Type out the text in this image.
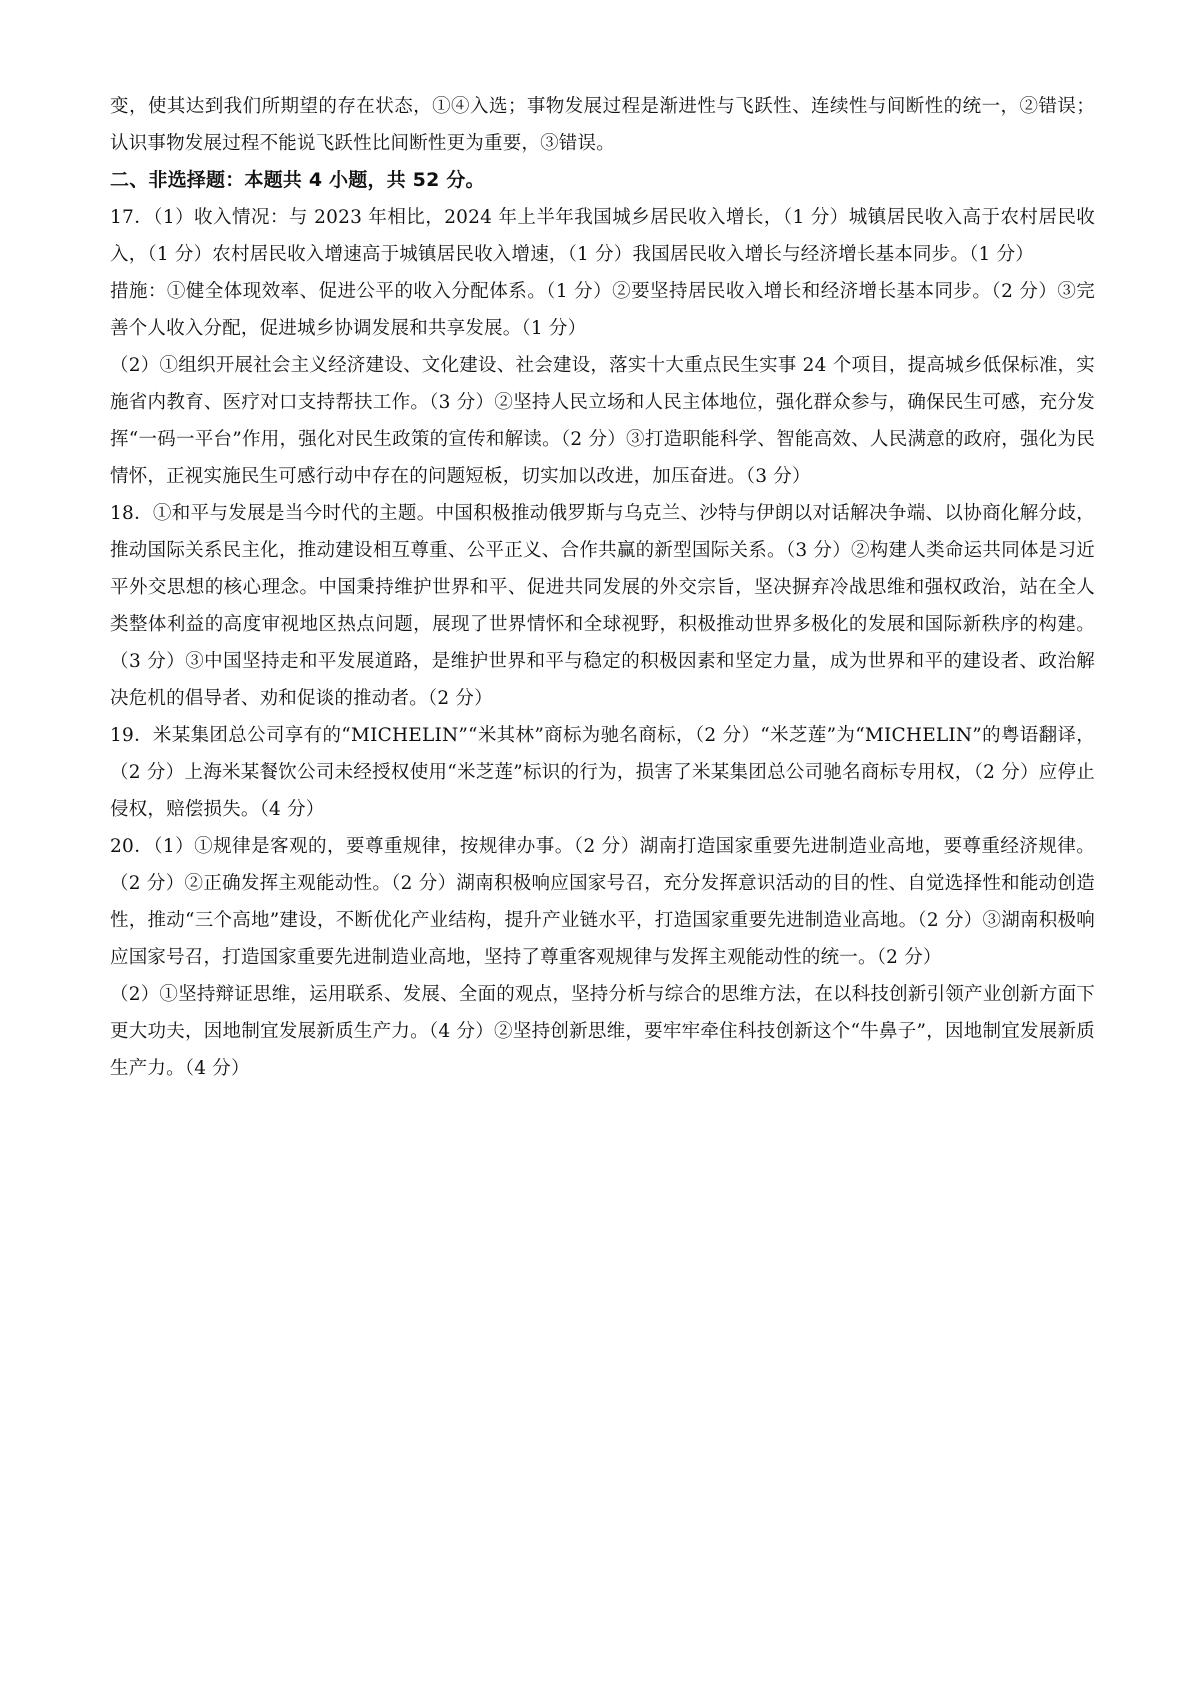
变，使其达到我们所期望的存在状态，①④入选；事物发展过程是渐进性与飞跃性、连续性与间断性的统一，②错误；认识事物发展过程不能说飞跃性比间断性更为重要，③错误。

二、非选择题：本题共 4 小题，共 52 分。

17．（1）收入情况：与 2023 年相比，2024 年上半年我国城乡居民收入增长，（1 分）城镇居民收入高于农村居民收入，（1 分）农村居民收入增速高于城镇居民收入增速，（1 分）我国居民收入增长与经济增长基本同步。（1 分）

措施：①健全体现效率、促进公平的收入分配体系。（1 分）②要坚持居民收入增长和经济增长基本同步。（2 分）③完善个人收入分配，促进城乡协调发展和共享发展。（1 分）

（2）①组织开展社会主义经济建设、文化建设、社会建设，落实十大重点民生实事 24 个项目，提高城乡低保标准，实施省内教育、医疗对口支持帮扶工作。（3 分）②坚持人民立场和人民主体地位，强化群众参与，确保民生可感，充分发挥“一码一平台”作用，强化对民生政策的宣传和解读。（2 分）③打造职能科学、智能高效、人民满意的政府，强化为民情怀，正视实施民生可感行动中存在的问题短板，切实加以改进，加压奋进。（3 分）

18．①和平与发展是当今时代的主题。中国积极推动俄罗斯与乌克兰、沙特与伊朗以对话解决争端、以协商化解分歧，推动国际关系民主化，推动建设相互尊重、公平正义、合作共赢的新型国际关系。（3 分）②构建人类命运共同体是习近平外交思想的核心理念。中国秉持维护世界和平、促进共同发展的外交宗旨，坚决摒弃冷战思维和强权政治，站在全人类整体利益的高度审视地区热点问题，展现了世界情怀和全球视野，积极推动世界多极化的发展和国际新秩序的构建。（3 分）③中国坚持走和平发展道路，是维护世界和平与稳定的积极因素和坚定力量，成为世界和平的建设者、政治解决危机的倡导者、劝和促谈的推动者。（2 分）

19．米某集团总公司享有的“MICHELIN”“米其林”商标为驰名商标，（2 分）“米芝莲”为“MICHELIN”的粤语翻译，（2 分）上海米某餐饮公司未经授权使用“米芝莲”标识的行为，损害了米某集团总公司驰名商标专用权，（2 分）应停止侵权，赔偿损失。（4 分）

20．（1）①规律是客观的，要尊重规律，按规律办事。（2 分）湖南打造国家重要先进制造业高地，要尊重经济规律。（2 分）②正确发挥主观能动性。（2 分）湖南积极响应国家号召，充分发挥意识活动的目的性、自觉选择性和能动创造性，推动“三个高地”建设，不断优化产业结构，提升产业链水平，打造国家重要先进制造业高地。（2 分）③湖南积极响应国家号召，打造国家重要先进制造业高地，坚持了尊重客观规律与发挥主观能动性的统一。（2 分）

（2）①坚持辩证思维，运用联系、发展、全面的观点，坚持分析与综合的思维方法，在以科技创新引领产业创新方面下更大功夫，因地制宜发展新质生产力。（4 分）②坚持创新思维，要牢牢牵住科技创新这个“牛鼻子”，因地制宜发展新质生产力。（4 分）
